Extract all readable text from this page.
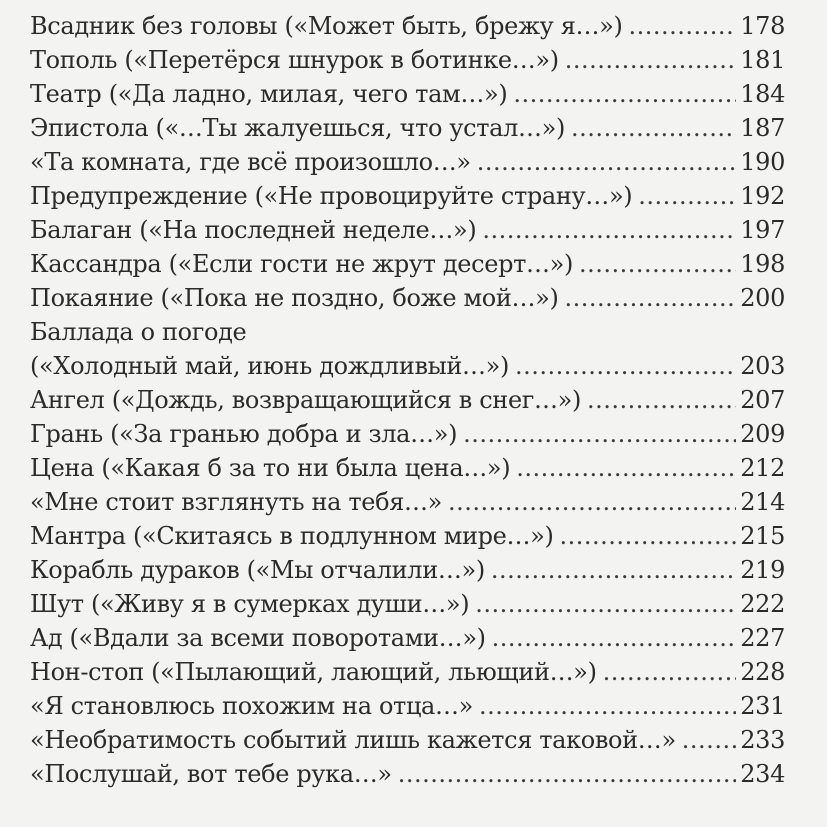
Всадник без головы («Может быть, брежу я…») .....	178
Тополь («Перетёрся шнурок в ботинке…») .....	181
Театр («Да ладно, милая, чего там…») .....	184
Эпистола («…Ты жалуешься, что устал…») .....	187
«Та комната, где всё произошло…» .....	190
Предупреждение («Не провоцируйте страну…») .....	192
Балаган («На последней неделе…») .....	197
Кассандра («Если гости не жрут десерт…») .....	198
Покаяние («Пока не поздно, боже мой…») .....	200
Баллада о погоде
(«Холодный май, июнь дождливый…») .....	203
Ангел («Дождь, возвращающийся в снег…») .....	207
Грань («За гранью добра и зла…») .....	209
Цена («Какая б за то ни была цена…») .....	212
«Мне стоит взглянуть на тебя…» .....	214
Мантра («Скитаясь в подлунном мире…») .....	215
Корабль дураков («Мы отчалили…») .....	219
Шут («Живу я в сумерках души…») .....	222
Ад («Вдали за всеми поворотами…») .....	227
Нон-стоп («Пылающий, лающий, льющий…») .....	228
«Я становлюсь похожим на отца…» .....	231
«Необратимость событий лишь кажется таковой…» .....	233
«Послушай, вот тебе рука…» .....	234
